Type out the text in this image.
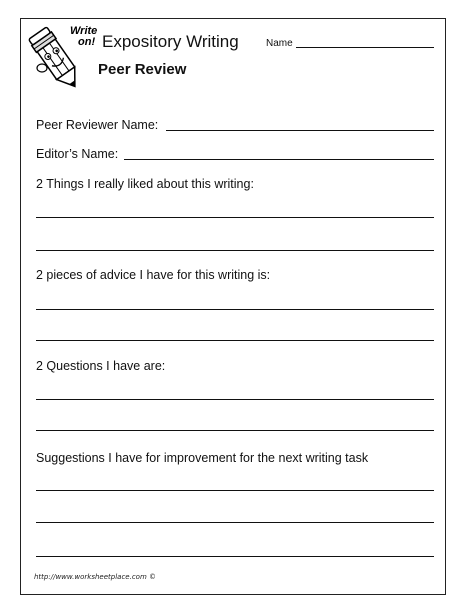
Write
on! Expository Writing
Peer Review
Name
Peer Reviewer Name:
Editor’s Name:
2 Things I really liked about this writing:
2 pieces of advice I have for this writing is:
2 Questions I have are:
Suggestions I have for improvement for the next writing task
http://www.worksheetplace.com ©
